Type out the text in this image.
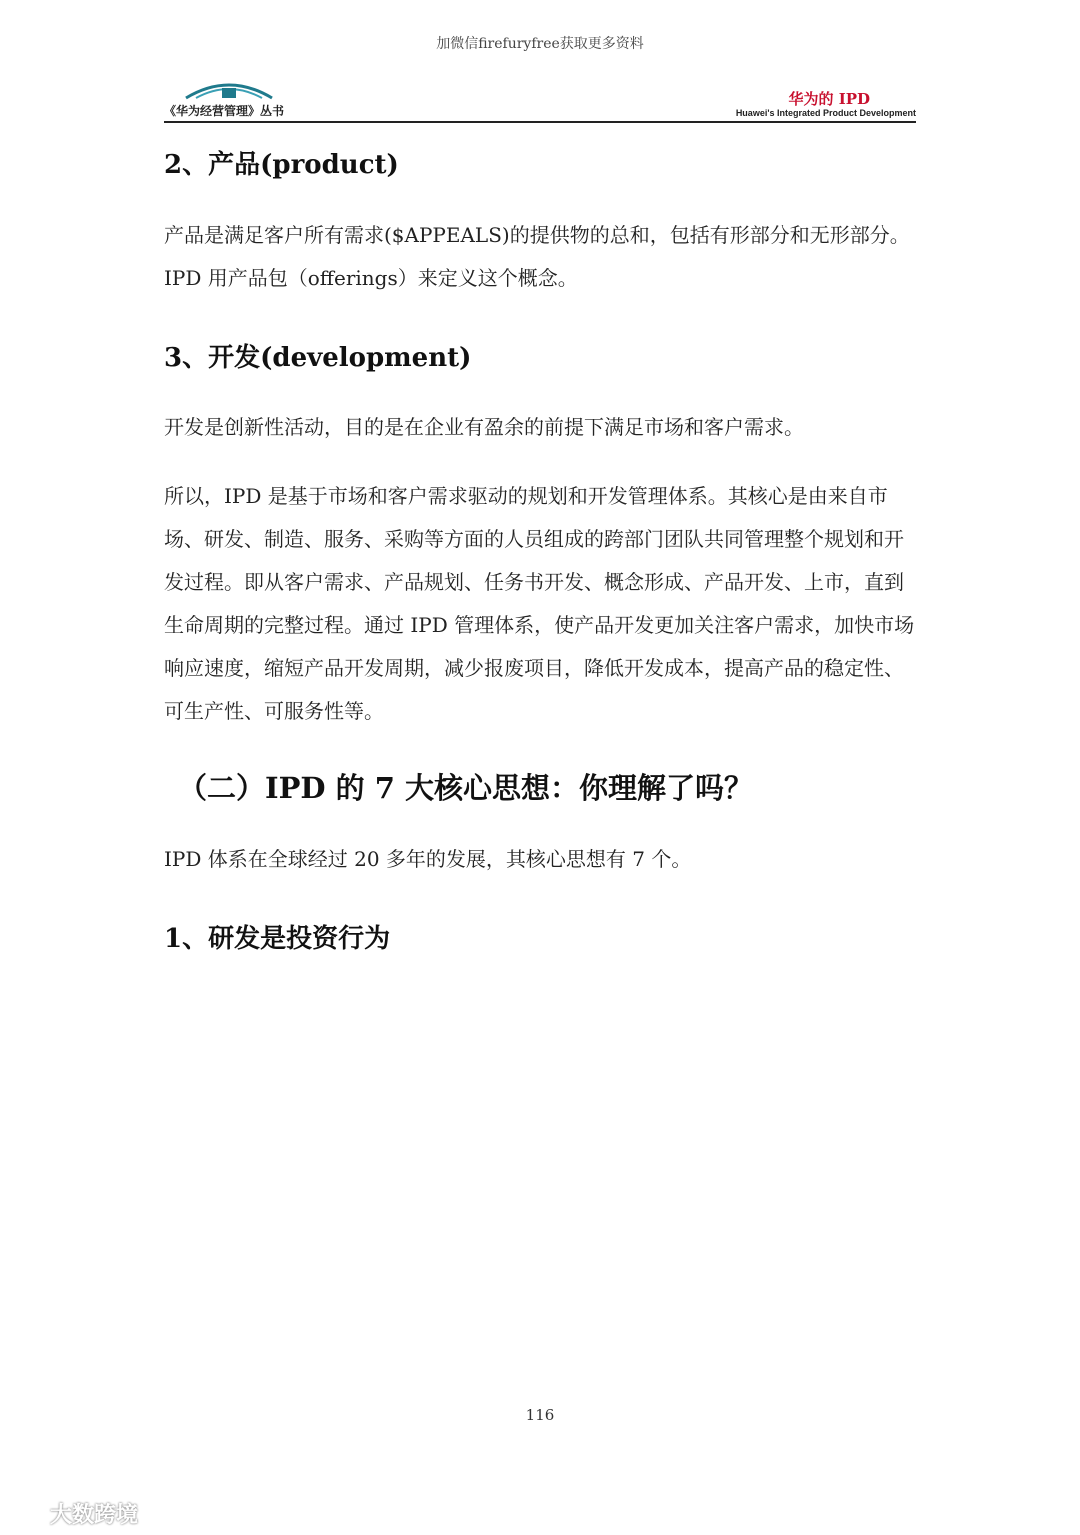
加微信firefuryfree获取更多资料
《华为经营管理》丛书
华为的 IPD
Huawei's Integrated Product Development
2、产品(product)
产品是满足客户所有需求($APPEALS)的提供物的总和，包括有形部分和无形部分。IPD 用产品包（offerings）来定义这个概念。
3、开发(development)
开发是创新性活动，目的是在企业有盈余的前提下满足市场和客户需求。
所以，IPD 是基于市场和客户需求驱动的规划和开发管理体系。其核心是由来自市场、研发、制造、服务、采购等方面的人员组成的跨部门团队共同管理整个规划和开发过程。即从客户需求、产品规划、任务书开发、概念形成、产品开发、上市，直到生命周期的完整过程。通过 IPD 管理体系，使产品开发更加关注客户需求，加快市场响应速度，缩短产品开发周期，减少报废项目，降低开发成本，提高产品的稳定性、可生产性、可服务性等。
（二）IPD 的 7 大核心思想：你理解了吗？
IPD 体系在全球经过 20 多年的发展，其核心思想有 7 个。
1、研发是投资行为
116
大数跨境
